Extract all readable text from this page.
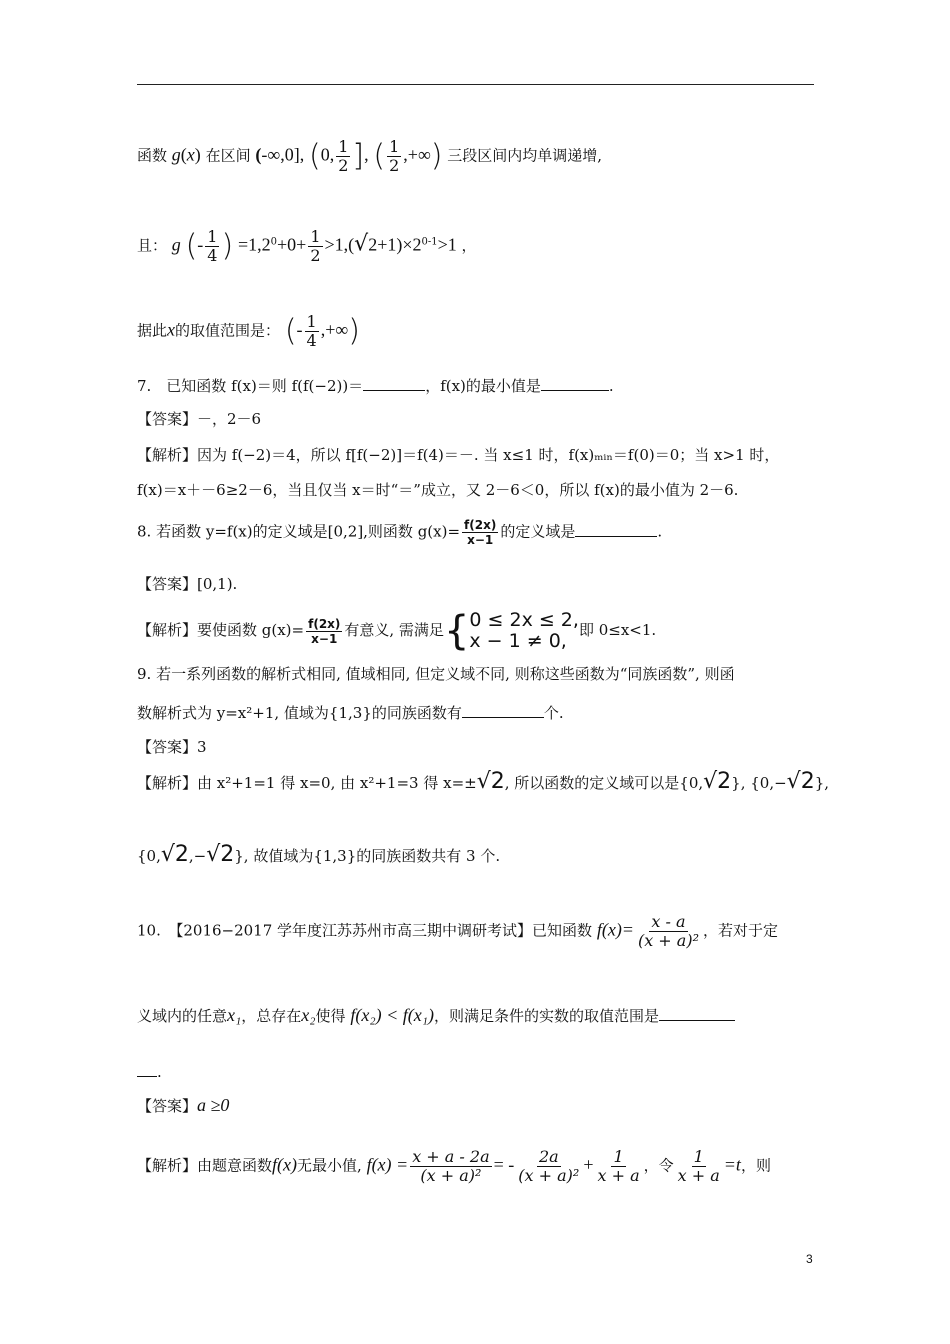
函数 g(x) 在区间 (-∞,0], (0, $\frac{1}{2}$ ], ( $\frac{1}{2}$ ,+∞) 三段区间内均单调递增,
且： g (- $\frac{1}{4}$ ) $=1,2^0+0+ \frac{1}{2} >1,(√2+1)\times 2^{0-1}>1$ ，
据此x的取值范围是： (- $\frac{1}{4}$ ,+∞)
7.　已知函数 f(x)＝则 f(f(−2))＝	，f(x)的最小值是	.
【答案】－，2－6
【解析】因为 f(−2)＝4，所以 f[f(−2)]＝f(4)＝－. 当 x≤1 时，f(x)ₘᵢₙ＝f(0)＝0；当 x>1 时，
f(x)＝x＋－6≥2－6，当且仅当 x＝时“＝”成立，又 2－6＜0，所以 f(x)的最小值为 2－6.
8. 若函数 y=f(x)的定义域是[0,2],则函数 $g(x)= \frac{f(2x)}{x-1}$ 的定义域是	.
【答案】[0,1).
【解析】要使函数 $g(x)= \frac{f(2x)}{x-1}$ 有意义, 需满足{ 0 ≤ 2x ≤ 2,
x − 1 ≠ 0, 即 0≤x<1.
9. 若一系列函数的解析式相同, 值域相同, 但定义域不同, 则称这些函数为“同族函数”, 则函
数解析式为 y=x²+1, 值域为{1,3}的同族函数有	个.
【答案】3
【解析】由 x²+1=1 得 x=0, 由 x²+1=3 得 x=±√2, 所以函数的定义域可以是{0,√2}, {0,−√2},
{0,√2,−√2}, 故值域为{1,3}的同族函数共有 3 个.
10.　【2016−2017 学年度江苏苏州市高三期中调研考试】已知函数 $f(x)= \frac{x - a}{\text{(x + a)²}}$ ，若对于定
义域内的任意x₁，总存在x₂使得 f(x₂) < f(x₁)，则满足条件的实数的取值范围是
.
【答案】a ≥0
【解析】由题意函数f(x)无最小值, $f(x) = \frac{x + a - 2a}{\text{(x + a)²}}$ = - $\frac{2a}{\text{(x + a)²}} + \frac{1}{x + a}$ ，令 $\frac{1}{x + a} =t$，则
3
